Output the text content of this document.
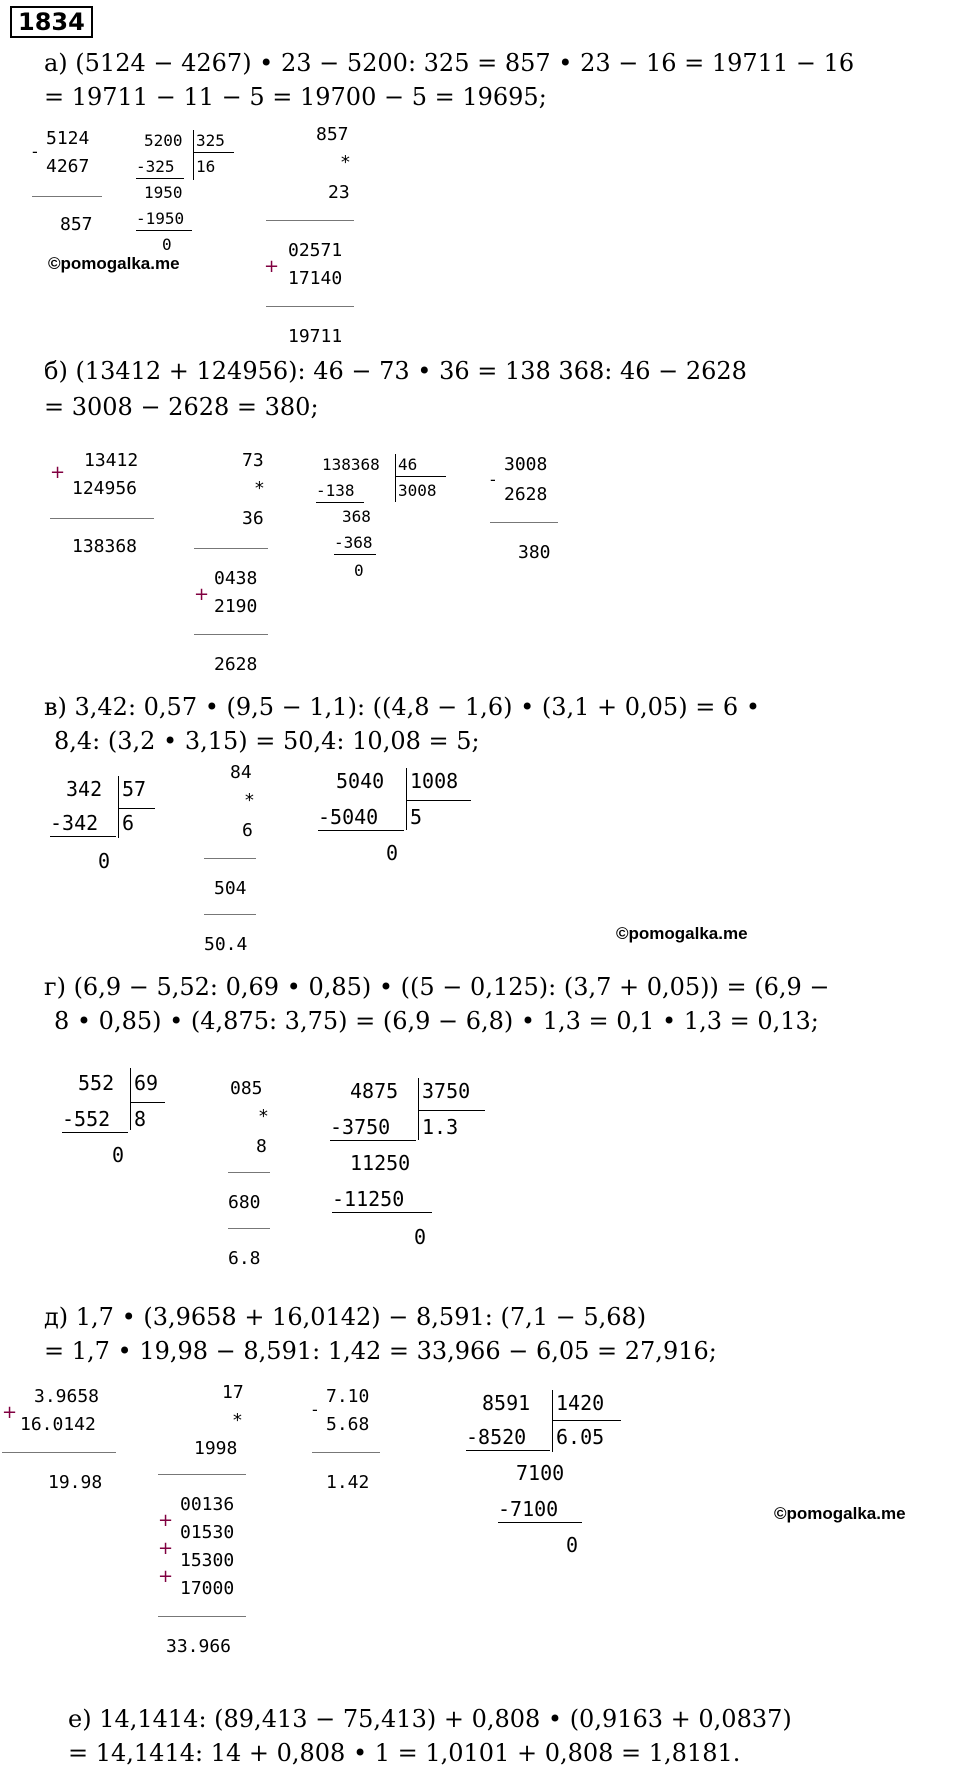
1834
а) (5124 − 4267) • 23 − 5200: 325 = 857 • 23 − 16 = 19711 − 16
= 19711 − 11 − 5 = 19700 − 5 = 19695;
-
5124
4267
857
5200 325
-325 16
1950
-1950
0
©pomogalka.me
857
*
23
02571
+
17140
19711
б) (13412 + 124956): 46 − 73 • 36 = 138 368: 46 − 2628
= 3008 − 2628 = 380;
+
13412
124956
138368
73
*
36
0438
+
2190
2628
138368 46
-138	3008
368
-368
0
-
3008
2628
380
в) 3,42: 0,57 • (9,5 − 1,1): ((4,8 − 1,6) • (3,1 + 0,05) = 6 •
8,4: (3,2 • 3,15) = 50,4: 10,08 = 5;
342 57
-342 6
0
84
*
6
504
50.4
5040 1008
-5040 5
0
©pomogalka.me
г) (6,9 − 5,52: 0,69 • 0,85) • ((5 − 0,125): (3,7 + 0,05)) = (6,9 −
8 • 0,85) • (4,875: 3,75) = (6,9 − 6,8) • 1,3 = 0,1 • 1,3 = 0,13;
552 69
-552 8
0
085
*
8
680
6.8
4875 3750
-3750 1.3
11250
-11250
0
д) 1,7 • (3,9658 + 16,0142) − 8,591: (7,1 − 5,68)
= 1,7 • 19,98 − 8,591: 1,42 = 33,966 − 6,05 = 27,916;
+
3.9658
16.0142
19.98
17
*
1998
00136
+
01530
+
15300
+
17000
33.966
-
7.10
5.68
1.42
8591 1420
-8520 6.05
7100
-7100
0
©pomogalka.me
е) 14,1414: (89,413 − 75,413) + 0,808 • (0,9163 + 0,0837)
= 14,1414: 14 + 0,808 • 1 = 1,0101 + 0,808 = 1,8181.
